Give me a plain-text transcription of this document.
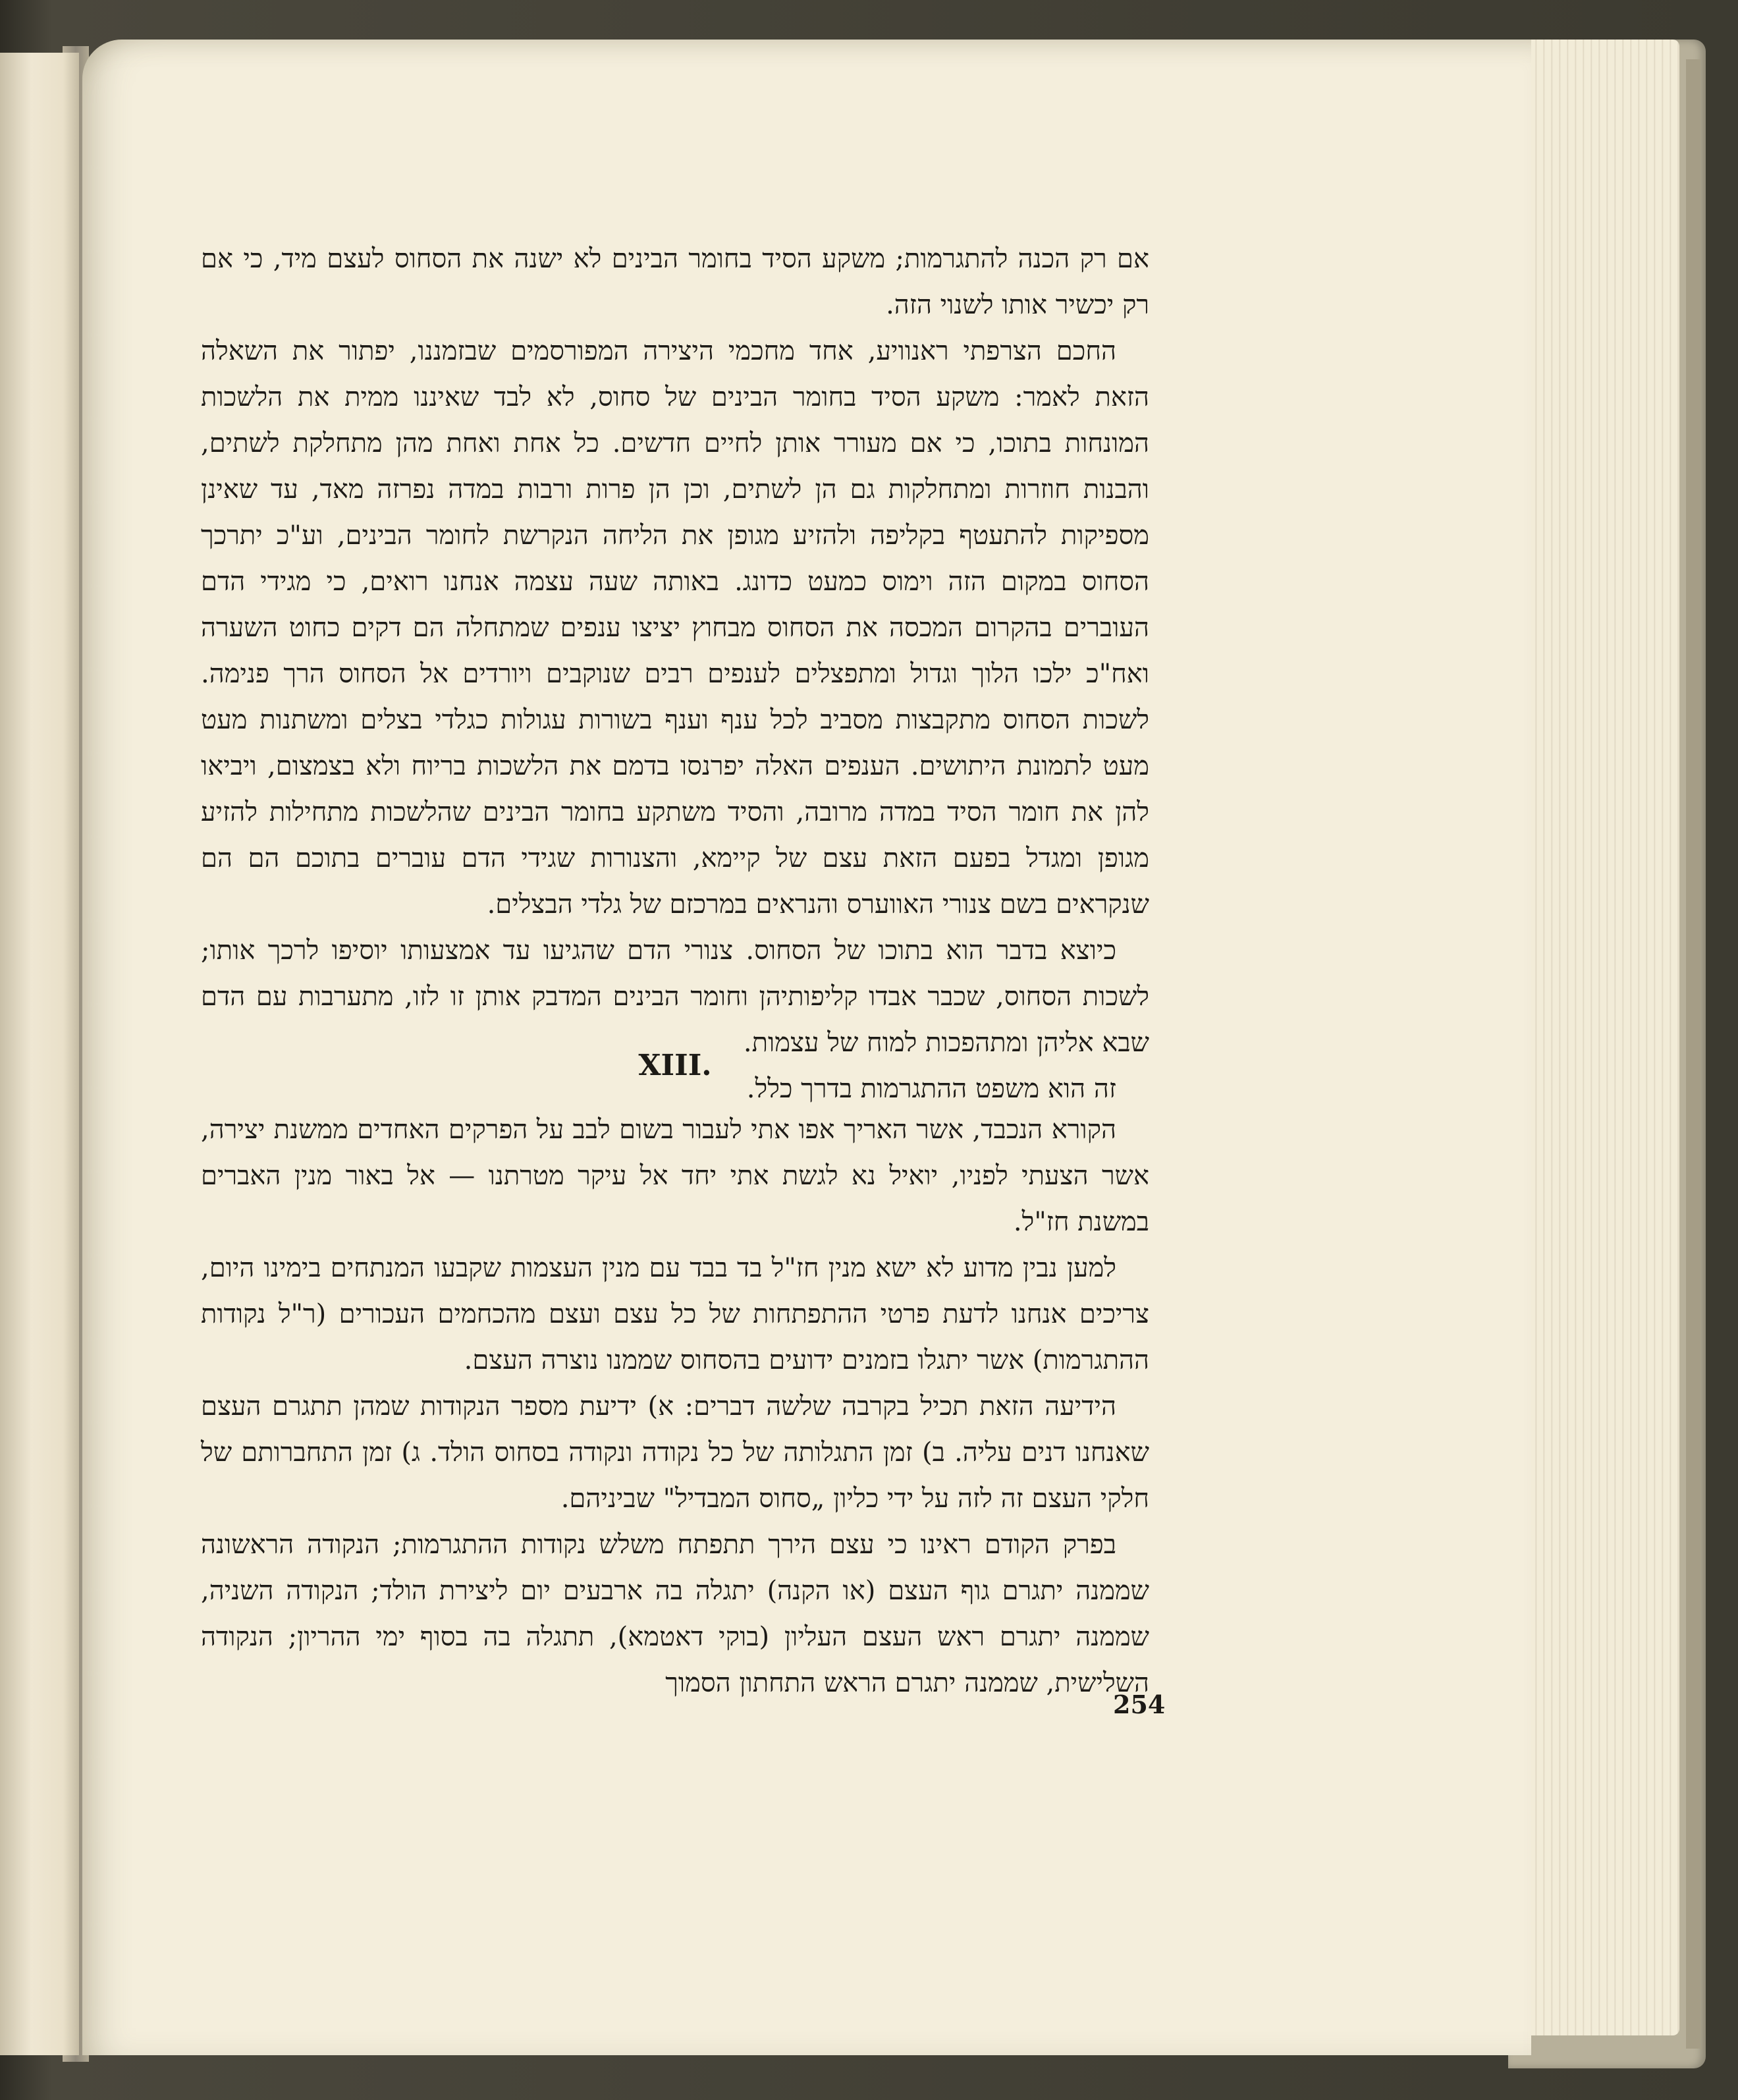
אם רק הכנה להתגרמות; משקע הסיד בחומר הבינים לא ישנה את הסחוס לעצם מיד, כי אם רק יכשיר אותו לשנוי הזה.

החכם הצרפתי ראנוויע, אחד מחכמי היצירה המפורסמים שבזמננו, יפתור את השאלה הזאת לאמר: משקע הסיד בחומר הבינים של סחוס, לא לבד שאיננו ממית את הלשכות המונחות בתוכו, כי אם מעורר אותן לחיים חדשים. כל אחת ואחת מהן מתחלקת לשתים, והבנות חוזרות ומתחלקות גם הן לשתים, וכן הן פרות ורבות במדה נפרזה מאד, עד שאינן מספיקות להתעטף בקליפה ולהזיע מגופן את הליחה הנקרשת לחומר הבינים, וע"כ יתרכך הסחוס במקום הזה וימוס כמעט כדונג. באותה שעה עצמה אנחנו רואים, כי מגידי הדם העוברים בהקרום המכסה את הסחוס מבחוץ יציצו ענפים שמתחלה הם דקים כחוט השערה ואח"כ ילכו הלוך וגדול ומתפצלים לענפים רבים שנוקבים ויורדים אל הסחוס הרך פנימה. לשכות הסחוס מתקבצות מסביב לכל ענף וענף בשורות עגולות כגלדי בצלים ומשתנות מעט מעט לתמונת היתושים. הענפים האלה יפרנסו בדמם את הלשכות בריוח ולא בצמצום, ויביאו להן את חומר הסיד במדה מרובה, והסיד משתקע בחומר הבינים שהלשכות מתחילות להזיע מגופן ומגדל בפעם הזאת עצם של קיימא, והצנורות שגידי הדם עוברים בתוכם הם הם שנקראים בשם צנורי האווערס והנראים במרכזם של גלדי הבצלים.

כיוצא בדבר הוא בתוכו של הסחוס. צנורי הדם שהגיעו עד אמצעותו יוסיפו לרכך אותו; לשכות הסחוס, שכבר אבדו קליפותיהן וחומר הבינים המדבק אותן זו לזו, מתערבות עם הדם שבא אליהן ומתהפכות למוח של עצמות.

זה הוא משפט ההתגרמות בדרך כלל.

XIII.

הקורא הנכבד, אשר האריך אפו אתי לעבור בשום לבב על הפרקים האחדים ממשנת יצירה, אשר הצעתי לפניו, יואיל נא לגשת אתי יחד אל עיקר מטרתנו — אל באור מנין האברים במשנת חז"ל.

למען נבין מדוע לא ישא מנין חז"ל בד בבד עם מנין העצמות שקבעו המנתחים בימינו היום, צריכים אנחנו לדעת פרטי ההתפתחות של כל עצם ועצם מהכחמים העכורים (ר"ל נקודות ההתגרמות) אשר יתגלו בזמנים ידועים בהסחוס שממנו נוצרה העצם.

הידיעה הזאת תכיל בקרבה שלשה דברים: א) ידיעת מספר הנקודות שמהן תתגרם העצם שאנחנו דנים עליה. ב) זמן התגלותה של כל נקודה ונקודה בסחוס הולד. ג) זמן התחברותם של חלקי העצם זה לזה על ידי כליון „סחוס המבדיל" שביניהם.

בפרק הקודם ראינו כי עצם הירך תתפתח משלש נקודות ההתגרמות; הנקודה הראשונה שממנה יתגרם גוף העצם (או הקנה) יתגלה בה ארבעים יום ליצירת הולד; הנקודה השניה, שממנה יתגרם ראש העצם העליון (בוקי דאטמא), תתגלה בה בסוף ימי ההריון; הנקודה השלישית, שממנה יתגרם הראש התחתון הסמוך

254
